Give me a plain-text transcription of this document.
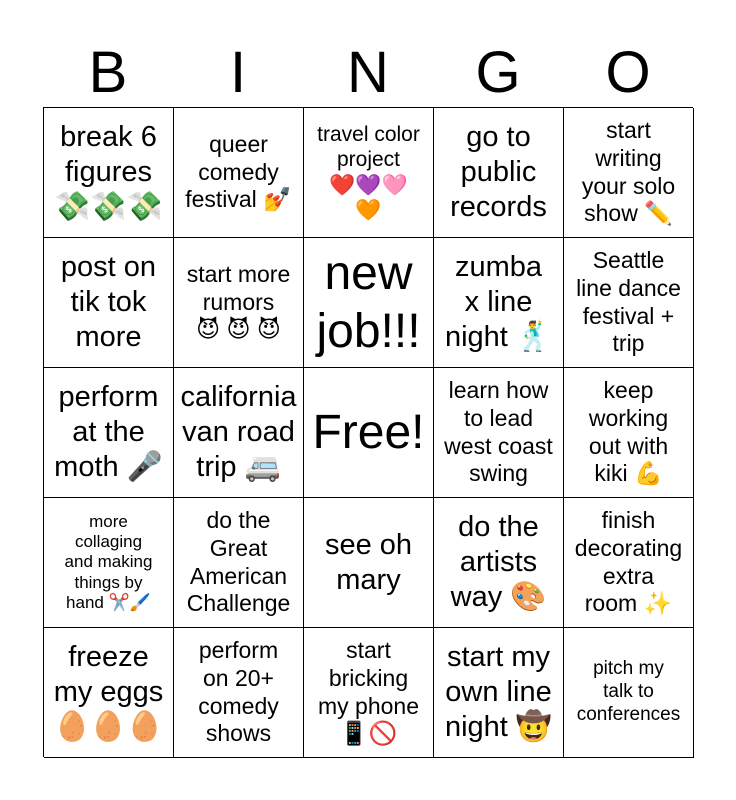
B	I	N	G	O
break 6
figures
💸💸💸
queer
comedy
festival 💅
travel color
project
❤️💜🩷
🧡
go to
public
records
start
writing
your solo
show ✏️
post on
tik tok
more
start more
rumors
😈 😈 😈
new
job!!!
zumba
x line
night 🕺
Seattle
line dance
festival +
trip
perform
at the
moth 🎤
california
van road
trip 🚐
Free!
learn how
to lead
west coast
swing
keep
working
out with
kiki 💪
more
collaging
and making
things by
hand ✂️🖌️
do the
Great
American
Challenge
see oh
mary
do the
artists
way 🎨
finish
decorating
extra
room ✨
freeze
my eggs
🥚🥚🥚
perform
on 20+
comedy
shows
start
bricking
my phone
📱🚫
start my
own line
night 🤠
pitch my
talk to
conferences
